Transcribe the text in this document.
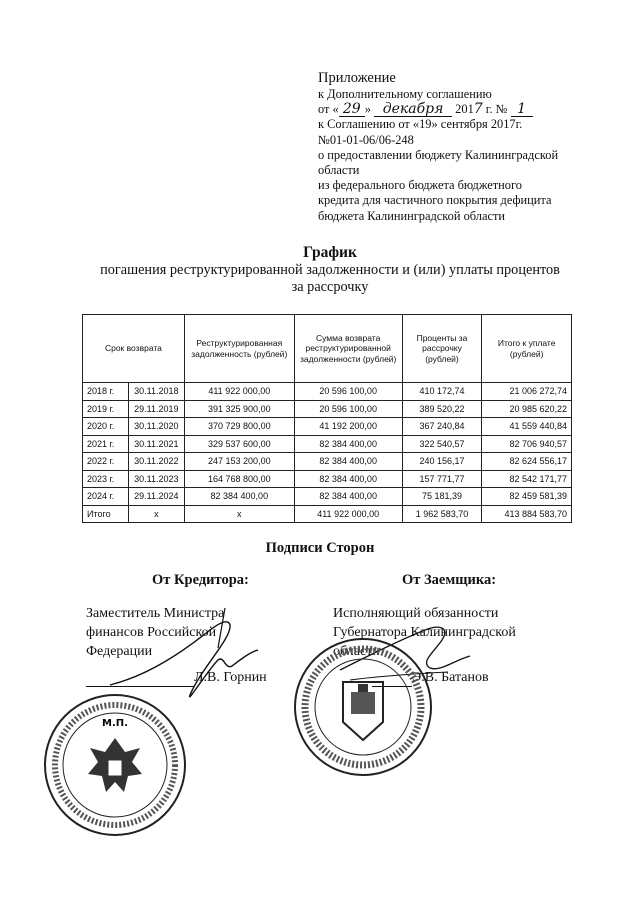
Приложение
к Дополнительному соглашению
от « 29 » декабря 2017 г. № 1
к Соглашению от «19» сентября 2017г.
№01-01-06/06-248
о предоставлении бюджету Калининградской
области
из федерального бюджета бюджетного
кредита для частичного покрытия дефицита
бюджета Калининградской области
График
погашения реструктурированной задолженности и (или) уплаты процентов
за рассрочку
Срок возврата		Реструктурированная задолженность (рублей)	Сумма возврата реструктурированной задолженности (рублей)	Проценты за рассрочку (рублей)	Итого к уплате (рублей)
2018 г.	30.11.2018	411 922 000,00	20 596 100,00	410 172,74	21 006 272,74
2019 г.	29.11.2019	391 325 900,00	20 596 100,00	389 520,22	20 985 620,22
2020 г.	30.11.2020	370 729 800,00	41 192 200,00	367 240,84	41 559 440,84
2021 г.	30.11.2021	329 537 600,00	82 384 400,00	322 540,57	82 706 940,57
2022 г.	30.11.2022	247 153 200,00	82 384 400,00	240 156,17	82 624 556,17
2023 г.	30.11.2023	164 768 800,00	82 384 400,00	157 771,77	82 542 171,77
2024 г.	29.11.2024	82 384 400,00	82 384 400,00	75 181,39	82 459 581,39
Итого	x	x	411 922 000,00	1 962 583,70	413 884 583,70
Подписи Сторон
От Кредитора:	От Заемщика:
Заместитель Министра
финансов Российской
Федерации
Исполняющий обязанности
Губернатора Калининградской
области
Л.В. Горнин	Э.В. Батанов
М.П.
